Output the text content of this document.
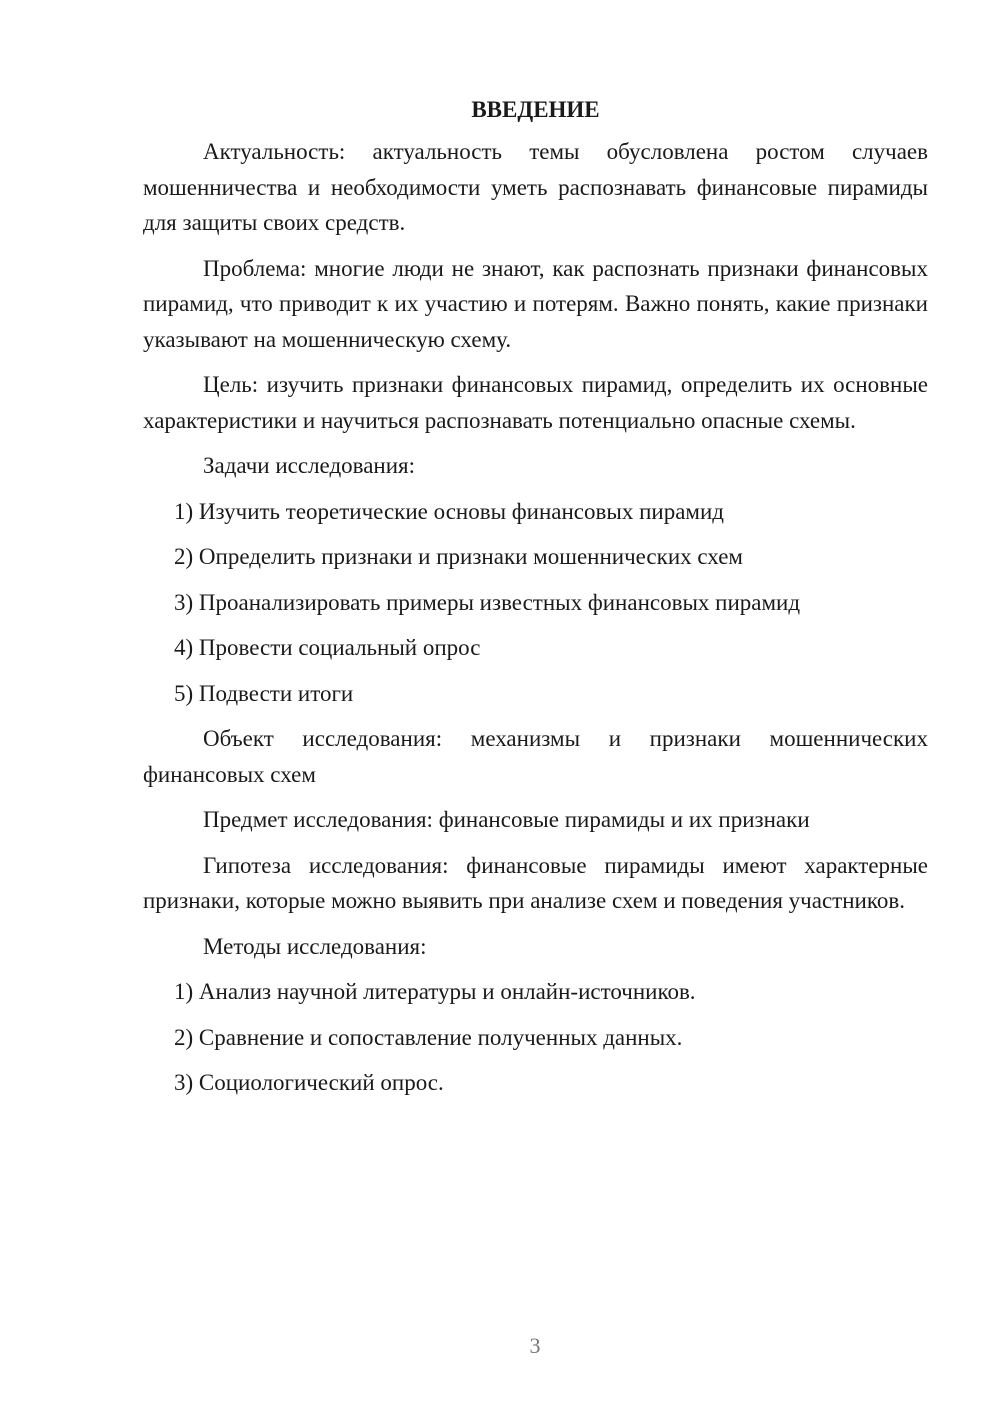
ВВЕДЕНИЕ

Актуальность: актуальность темы обусловлена ростом случаев мошенничества и необходимости уметь распознавать финансовые пирамиды для защиты своих средств.

Проблема: многие люди не знают, как распознать признаки финансовых пирамид, что приводит к их участию и потерям. Важно понять, какие признаки указывают на мошенническую схему.

Цель: изучить признаки финансовых пирамид, определить их основные характеристики и научиться распознавать потенциально опасные схемы.

Задачи исследования:

1) Изучить теоретические основы финансовых пирамид

2) Определить признаки и признаки мошеннических схем

3) Проанализировать примеры известных финансовых пирамид

4) Провести социальный опрос

5) Подвести итоги

Объект исследования: механизмы и признаки мошеннических финансовых схем

Предмет исследования: финансовые пирамиды и их признаки

Гипотеза исследования: финансовые пирамиды имеют характерные признаки, которые можно выявить при анализе схем и поведения участников.

Методы исследования:

1) Анализ научной литературы и онлайн-источников.

2) Сравнение и сопоставление полученных данных.

3) Социологический опрос.

3
